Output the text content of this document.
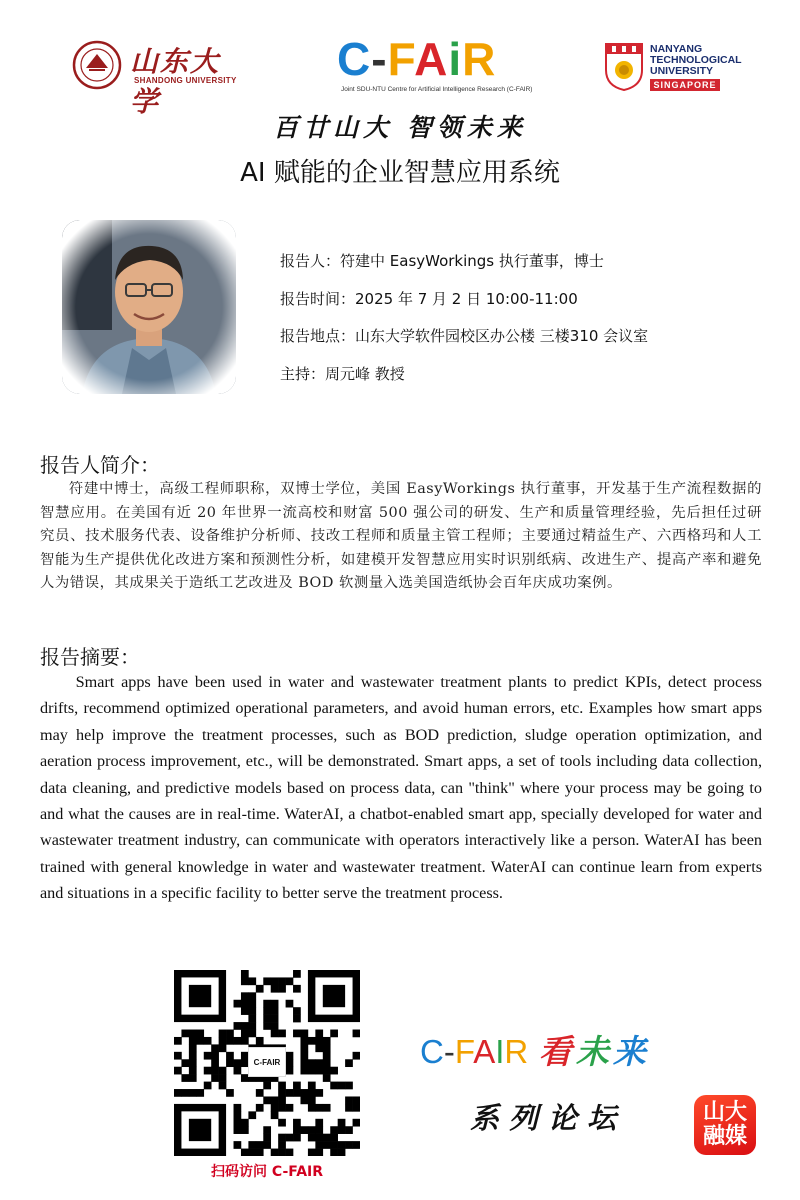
山东大学
SHANDONG UNIVERSITY C-FAiR
Joint SDU-NTU Centre for Artificial Intelligence Research (C-FAIR)
NANYANG
TECHNOLOGICAL
UNIVERSITY
SINGAPORE
百廿山大 智领未来
AI 赋能的企业智慧应用系统
报告人：符建中 EasyWorkings 执行董事，博士
报告时间：2025 年 7 月 2 日 10:00-11:00
报告地点：山东大学软件园校区办公楼 三楼310 会议室
主持：周元峰 教授
报告人简介：
符建中博士，高级工程师职称，双博士学位，美国 EasyWorkings 执行董事，开发基于生产流程数据的智慧应用。在美国有近 20 年世界一流高校和财富 500 强公司的研发、生产和质量管理经验，先后担任过研究员、技术服务代表、设备维护分析师、技改工程师和质量主管工程师；主要通过精益生产、六西格玛和人工智能为生产提供优化改进方案和预测性分析，如建模开发智慧应用实时识别纸病、改进生产、提高产率和避免人为错误，其成果关于造纸工艺改进及 BOD 软测量入选美国造纸协会百年庆成功案例。
报告摘要：
Smart apps have been used in water and wastewater treatment plants to predict KPIs, detect process drifts, recommend optimized operational parameters, and avoid human errors, etc. Examples how smart apps may help improve the treatment processes, such as BOD prediction, sludge operation optimization, and aeration process improvement, etc., will be demonstrated. Smart apps, a set of tools including data collection, data cleaning, and predictive models based on process data, can "think" where your process may be going to and what the causes are in real-time. WaterAI, a chatbot-enabled smart app, specially developed for water and wastewater treatment industry, can communicate with operators interactively like a person. WaterAI has been trained with general knowledge in water and wastewater treatment. WaterAI can continue learn from experts and situations in a specific facility to better serve the treatment process.
C-FAIR
扫码访问 C-FAIR
C-FAIR 看未来
系列论坛	山大
融媒
